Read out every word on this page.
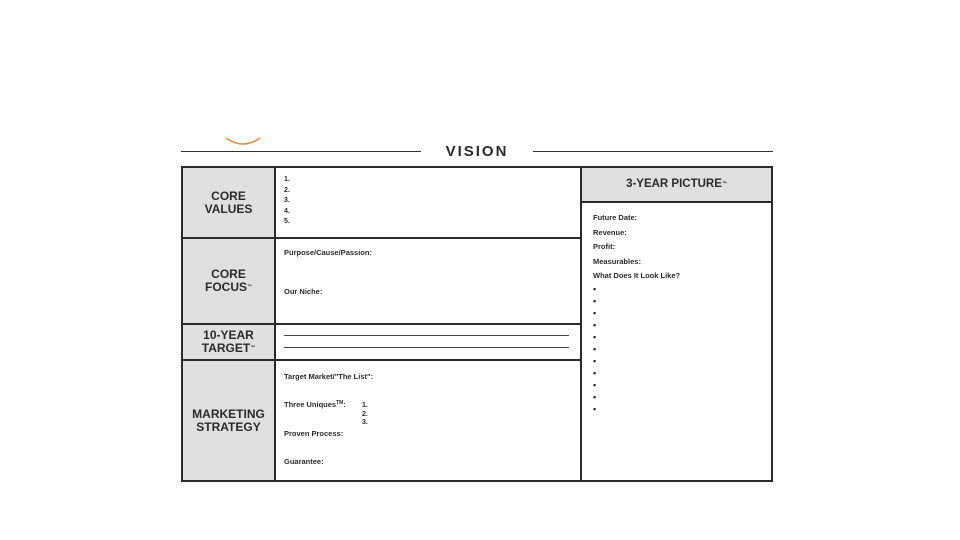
VISION
CORE
VALUES
1.
2.
3.
4.
5.
CORE
FOCUS™
Purpose/Cause/Passion:
Our Niche:
10-YEAR
TARGET™
MARKETING
STRATEGY
Target Market/"The List":
Three Uniques™: 1.
2.
3.
Proven Process:
Guarantee:
3-YEAR PICTURE™
Future Date:
Revenue:
Profit:
Measurables:
What Does It Look Like?
•
•
•
•
•
•
•
•
•
•
•
